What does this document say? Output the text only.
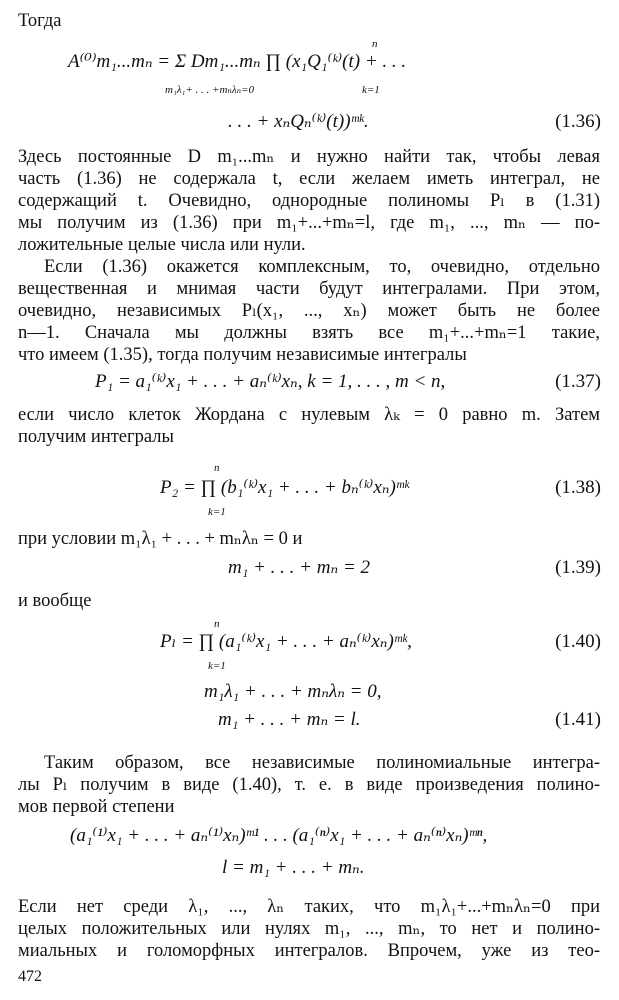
Тогда
A⁽⁰⁾m₁...mₙ = Σ Dm₁...mₙ ∏ (x₁Q₁⁽ᵏ⁾(t) + . . .
m₁λ₁+ . . . +mₙλₙ=0
n
k=1
. . . + xₙQₙ⁽ᵏ⁾(t))ᵐᵏ.	(1.36)
Здесь постоянные D m₁...mₙ и нужно найти так, чтобы левая
часть (1.36) не содержала t, если желаем иметь интеграл, не
содержащий t. Очевидно, однородные полиномы Pₗ в (1.31)
мы получим из (1.36) при m₁+...+mₙ=l, где m₁, ..., mₙ — по-
ложительные целые числа или нули.
Если (1.36) окажется комплексным, то, очевидно, отдельно
вещественная и мнимая части будут интегралами. При этом,
очевидно, независимых Pₗ(x₁, ..., xₙ) может быть не более
n—1. Сначала мы должны взять все m₁+...+mₙ=1 такие,
что имеем (1.35), тогда получим независимые интегралы
P₁ = a₁⁽ᵏ⁾x₁ + . . . + aₙ⁽ᵏ⁾xₙ, k = 1, . . . , m < n,	(1.37)
если число клеток Жордана с нулевым λₖ = 0 равно m. Затем
получим интегралы
n
P₂ = ∏ (b₁⁽ᵏ⁾x₁ + . . . + bₙ⁽ᵏ⁾xₙ)ᵐᵏ	(1.38)
k=1
при условии m₁λ₁ + . . . + mₙλₙ = 0 и
m₁ + . . . + mₙ = 2	(1.39)
и вообще
n
Pₗ = ∏ (a₁⁽ᵏ⁾x₁ + . . . + aₙ⁽ᵏ⁾xₙ)ᵐᵏ,	(1.40)
k=1
m₁λ₁ + . . . + mₙλₙ = 0,
m₁ + . . . + mₙ = l.	(1.41)
Таким образом, все независимые полиномиальные интегра-
лы Pₗ получим в виде (1.40), т. е. в виде произведения полино-
мов первой степени
(a₁⁽¹⁾x₁ + . . . + aₙ⁽¹⁾xₙ)ᵐ¹ . . . (a₁⁽ⁿ⁾x₁ + . . . + aₙ⁽ⁿ⁾xₙ)ᵐⁿ,
l = m₁ + . . . + mₙ.
Если нет среди λ₁, ..., λₙ таких, что m₁λ₁+...+mₙλₙ=0 при
целых положительных или нулях m₁, ..., mₙ, то нет и полино-
миальных и голоморфных интегралов. Впрочем, уже из тео-
472
